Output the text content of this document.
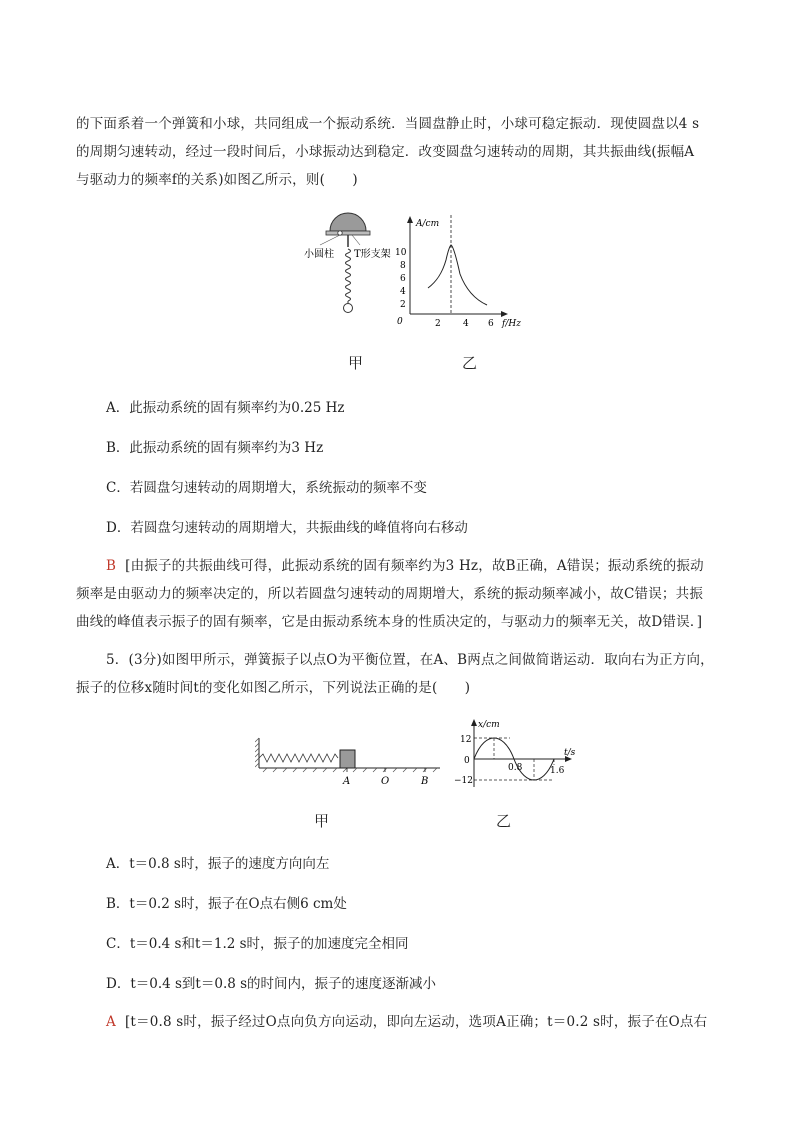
的下面系着一个弹簧和小球，共同组成一个振动系统．当圆盘静止时，小球可稳定振动．现使圆盘以4 s
的周期匀速转动，经过一段时间后，小球振动达到稳定．改变圆盘匀速转动的周期，其共振曲线(振幅A
与驱动力的频率f的关系)如图乙所示，则(　　)
小圆柱 T形支架
A/cm
f/Hz
0
2
4
6
8
10
2 4 6
甲	乙
A．此振动系统的固有频率约为0.25 Hz
B．此振动系统的固有频率约为3 Hz
C．若圆盘匀速转动的周期增大，系统振动的频率不变
D．若圆盘匀速转动的周期增大，共振曲线的峰值将向右移动
B [由振子的共振曲线可得，此振动系统的固有频率约为3 Hz，故B正确，A错误；振动系统的振动
频率是由驱动力的频率决定的，所以若圆盘匀速转动的周期增大，系统的振动频率减小，故C错误；共振
曲线的峰值表示振子的固有频率，它是由振动系统本身的性质决定的，与驱动力的频率无关，故D错误．]
5．(3分)如图甲所示，弹簧振子以点O为平衡位置，在A、B两点之间做简谐运动．取向右为正方向，
振子的位移x随时间t的变化如图乙所示，下列说法正确的是(　　)
A	O	B
x/cm
t/s
0
12
−12
0.8	1.6
甲	乙
A．t＝0.8 s时，振子的速度方向向左
B．t＝0.2 s时，振子在O点右侧6 cm处
C．t＝0.4 s和t＝1.2 s时，振子的加速度完全相同
D．t＝0.4 s到t＝0.8 s的时间内，振子的速度逐渐减小
A [t＝0.8 s时，振子经过O点向负方向运动，即向左运动，选项A正确；t＝0.2 s时，振子在O点右
